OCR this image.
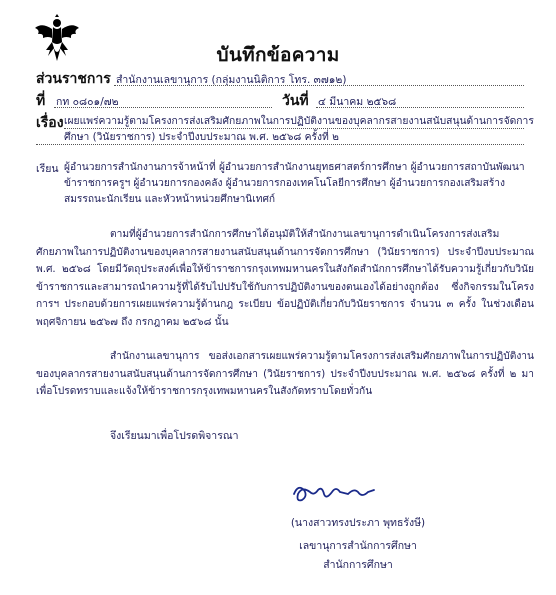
บันทึกข้อความ
ส่วนราชการ สำนักงานเลขานุการ (กลุ่มงานนิติการ โทร. ๓๗๑๒)
ที่ กท ๐๘๐๑/๗๒	วันที่ ๔ มีนาคม ๒๕๖๘
เรื่อง เผยแพร่ความรู้ตามโครงการส่งเสริมศักยภาพในการปฏิบัติงานของบุคลากรสายงานสนับสนุนด้านการจัดการศึกษา (วินัยราชการ) ประจำปีงบประมาณ พ.ศ. ๒๕๖๘ ครั้งที่ ๒
เรียน ผู้อำนวยการสำนักงานการจ้าหน้าที่ ผู้อำนวยการสำนักงานยุทธศาสตร์การศึกษา ผู้อำนวยการสถาบันพัฒนาข้าราชการครูฯ ผู้อำนวยการกองคลัง ผู้อำนวยการกองเทคโนโลยีการศึกษา ผู้อำนวยการกองเสริมสร้างสมรรถนะนักเรียน และหัวหน้าหน่วยศึกษานิเทศก์
ตามที่ผู้อำนวยการสำนักการศึกษาได้อนุมัติให้สำนักงานเลขานุการดำเนินโครงการส่งเสริมศักยภาพในการปฏิบัติงานของบุคลากรสายงานสนับสนุนด้านการจัดการศึกษา (วินัยราชการ) ประจำปีงบประมาณ พ.ศ. ๒๕๖๘ โดยมีวัตถุประสงค์เพื่อให้ข้าราชการกรุงเทพมหานครในสังกัดสำนักการศึกษาได้รับความรู้เกี่ยวกับวินัยข้าราชการและสามารถนำความรู้ที่ได้รับไปปรับใช้กับการปฏิบัติงานของตนเองได้อย่างถูกต้อง ซึ่งกิจกรรมในโครงการฯ ประกอบด้วยการเผยแพร่ความรู้ด้านกฎ ระเบียบ ข้อปฏิบัติเกี่ยวกับวินัยราชการ จำนวน ๓ ครั้ง ในช่วงเดือนพฤศจิกายน ๒๕๖๗ ถึง กรกฎาคม ๒๕๖๘ นั้น
สำนักงานเลขานุการ ขอส่งเอกสารเผยแพร่ความรู้ตามโครงการส่งเสริมศักยภาพในการปฏิบัติงานของบุคลากรสายงานสนับสนุนด้านการจัดการศึกษา (วินัยราชการ) ประจำปีงบประมาณ พ.ศ. ๒๕๖๘ ครั้งที่ ๒ มาเพื่อโปรดทราบและแจ้งให้ข้าราชการกรุงเทพมหานครในสังกัดทราบโดยทั่วกัน
จึงเรียนมาเพื่อโปรดพิจารณา
(นางสาวทรงประภา พุทธรังษี)
เลขานุการสำนักการศึกษา
สำนักการศึกษา
